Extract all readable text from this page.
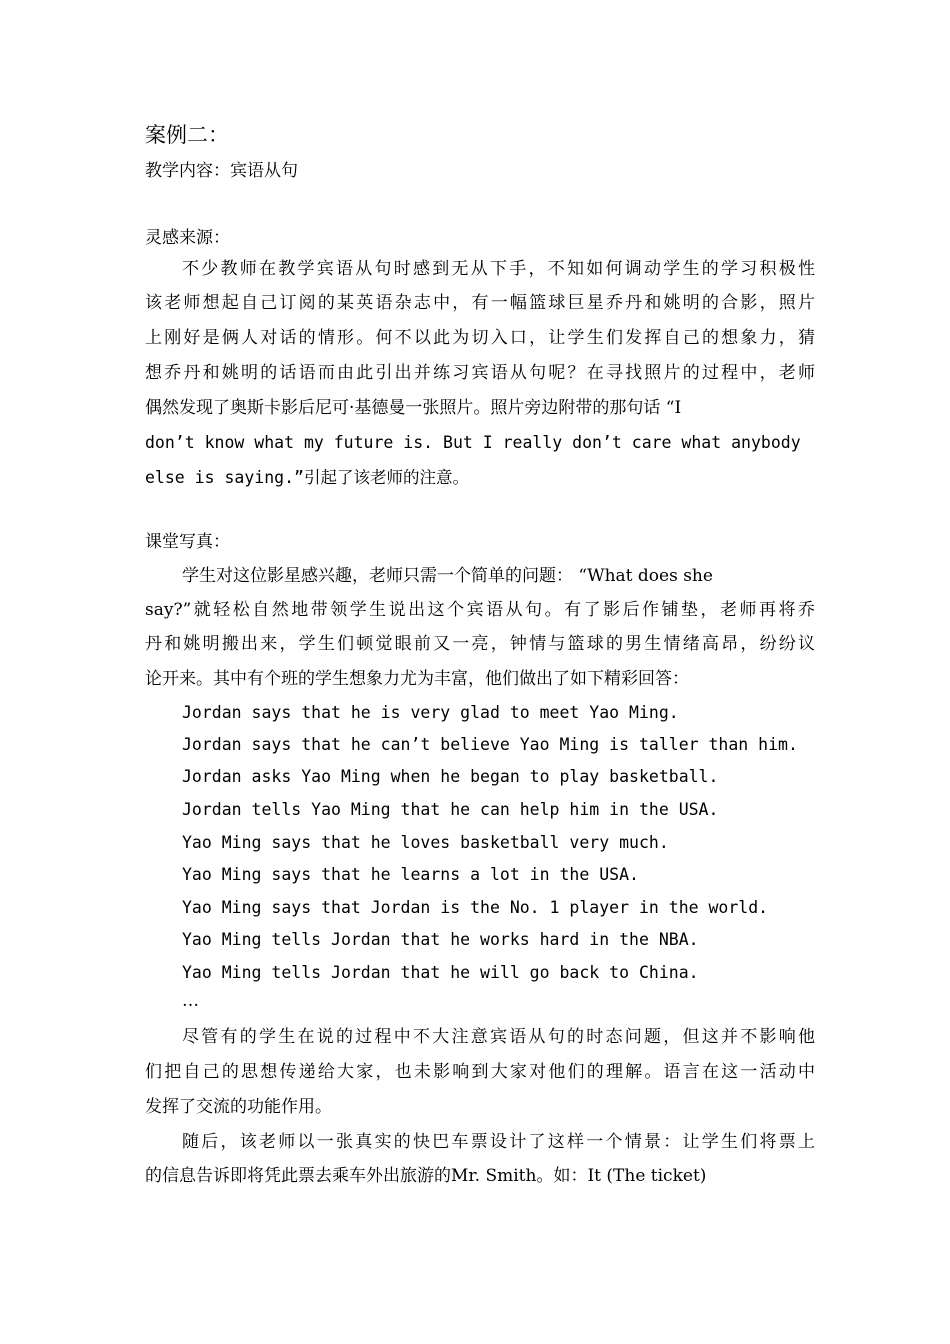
案例二：
教学内容：宾语从句
灵感来源：
不少教师在教学宾语从句时感到无从下手，不知如何调动学生的学习积极性
该老师想起自己订阅的某英语杂志中，有一幅篮球巨星乔丹和姚明的合影，照片
上刚好是俩人对话的情形。何不以此为切入口，让学生们发挥自己的想象力，猜
想乔丹和姚明的话语而由此引出并练习宾语从句呢？在寻找照片的过程中，老师
偶然发现了奥斯卡影后尼可·基德曼一张照片。照片旁边附带的那句话 “I
don’t know what my future is. But I really don’t care what anybody
else is saying.”引起了该老师的注意。
课堂写真：
学生对这位影星感兴趣，老师只需一个简单的问题： “What does she
say?”就轻松自然地带领学生说出这个宾语从句。有了影后作铺垫，老师再将乔
丹和姚明搬出来，学生们顿觉眼前又一亮，钟情与篮球的男生情绪高昂，纷纷议
论开来。其中有个班的学生想象力尤为丰富，他们做出了如下精彩回答：
Jordan says that he is very glad to meet Yao Ming.
Jordan says that he can’t believe Yao Ming is taller than him.
Jordan asks Yao Ming when he began to play basketball.
Jordan tells Yao Ming that he can help him in the USA.
Yao Ming says that he loves basketball very much.
Yao Ming says that he learns a lot in the USA.
Yao Ming says that Jordan is the No. 1 player in the world.
Yao Ming tells Jordan that he works hard in the NBA.
Yao Ming tells Jordan that he will go back to China.
…
尽管有的学生在说的过程中不大注意宾语从句的时态问题，但这并不影响他
们把自己的思想传递给大家，也未影响到大家对他们的理解。语言在这一活动中
发挥了交流的功能作用。
随后，该老师以一张真实的快巴车票设计了这样一个情景：让学生们将票上
的信息告诉即将凭此票去乘车外出旅游的Mr. Smith。如：It (The ticket)
